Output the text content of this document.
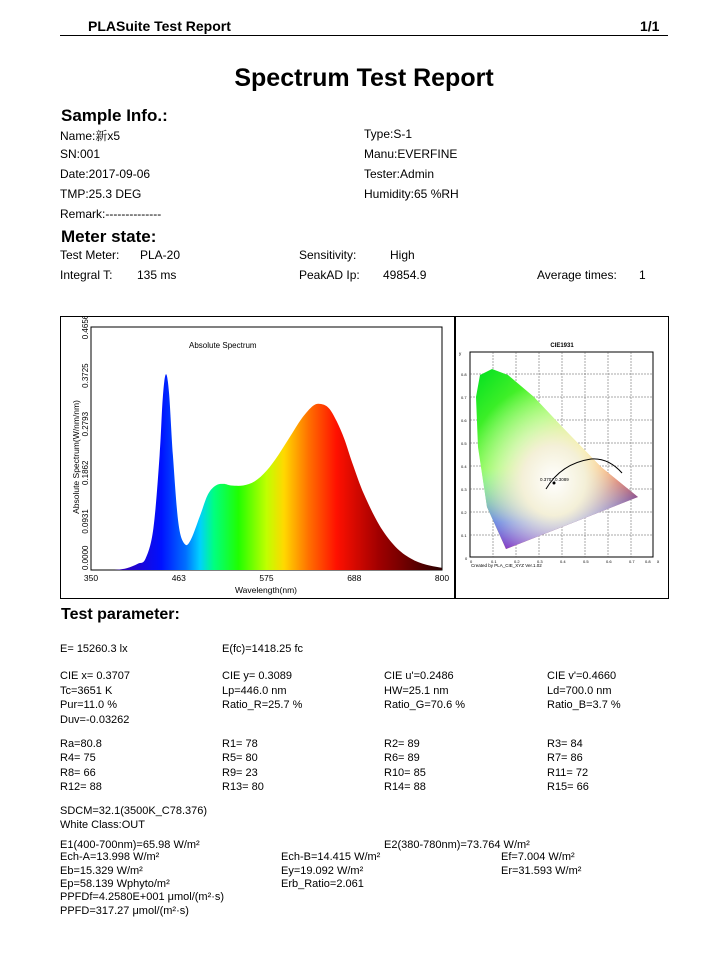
PLASuite Test Report	1/1
Spectrum Test Report
Sample Info.:
Name:新x5	Type:S-1
SN:001	Manu:EVERFINE
Date:2017-09-06	Tester:Admin
TMP:25.3 DEG	Humidity:65 %RH
Remark:--------------
Meter state:
Test Meter: PLA-20	Sensitivity:	High
Integral T: 135 ms	PeakAD Ip: 49854.9	Average times: 1
Absolute Spectrum
Wavelength(nm)
Absolute Spectrum(W/nm/nm)
350	463	575	688	800
0.0000
0.0931
0.1862
0.2793
0.3725
0.4656
0.3707,0.3089
CIE1931
Created by PLA_CIE_XYZ Ver.1.02
y
0.8
0.7
0.6
0.5
0.4
0.3
0.2
0.1
0
0	0.1	0.2	0.3	0.4	0.5	0.6	0.7	0.8 x
Test parameter:
E= 15260.3 lx	E(fc)=1418.25 fc
CIE x= 0.3707	CIE y= 0.3089	CIE u'=0.2486	CIE v'=0.4660
Tc=3651 K	Lp=446.0 nm	HW=25.1 nm	Ld=700.0 nm
Pur=11.0 %	Ratio_R=25.7 %	Ratio_G=70.6 %	Ratio_B=3.7 %
Duv=-0.03262
Ra=80.8	R1= 78	R2= 89	R3= 84
R4= 75	R5= 80	R6= 89	R7= 86
R8= 66	R9= 23	R10= 85	R11= 72
R12= 88	R13= 80	R14= 88	R15= 66
SDCM=32.1(3500K_C78.376)
White Class:OUT
E1(400-700nm)=65.98 W/m²	E2(380-780nm)=73.764 W/m²
Ech-A=13.998 W/m²	Ech-B=14.415 W/m²	Ef=7.004 W/m²
Eb=15.329 W/m²	Ey=19.092 W/m²	Er=31.593 W/m²
Ep=58.139 Wphyto/m²	Erb_Ratio=2.061
PPFDf=4.2580E+001 μmol/(m²·s)
PPFD=317.27 μmol/(m²·s)
